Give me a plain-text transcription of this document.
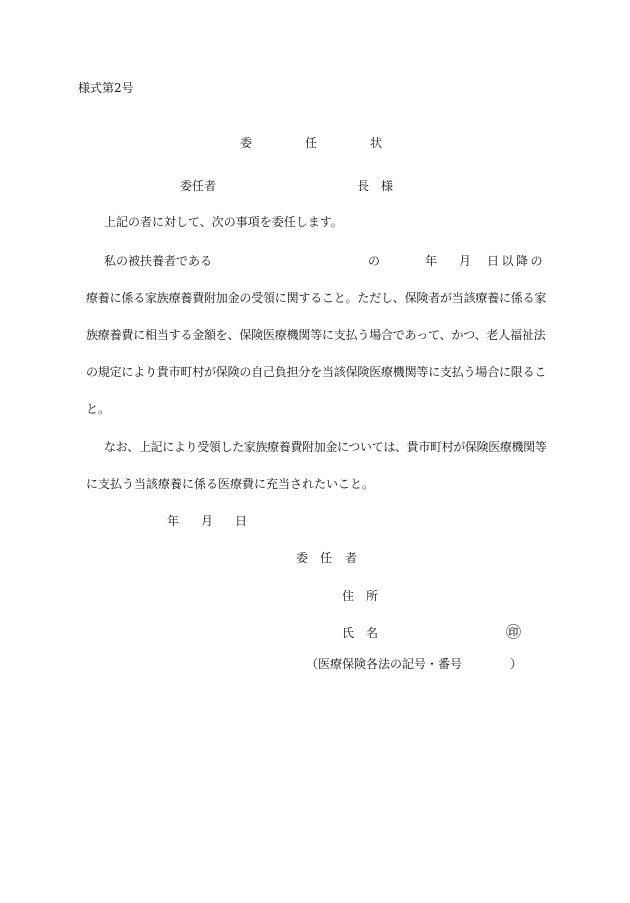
様式第2号
委	任	状
委任者	長 様
上記の者に対して、次の事項を委任します。
私の被扶養者である	の	年 月 日以降の
療養に係る家族療養費附加金の受領に関すること。ただし、保険者が当該療養に係る家
族療養費に相当する金額を、保険医療機関等に支払う場合であって、かつ、老人福祉法
の規定により貴市町村が保険の自己負担分を当該保険医療機関等に支払う場合に限るこ
と。
なお、上記により受領した家族療養費附加金については、貴市町村が保険医療機関等
に支払う当該療養に係る医療費に充当されたいこと。
年 月 日
委 任 者
住 所
氏 名	㊞
（医療保険各法の記号・番号	）
